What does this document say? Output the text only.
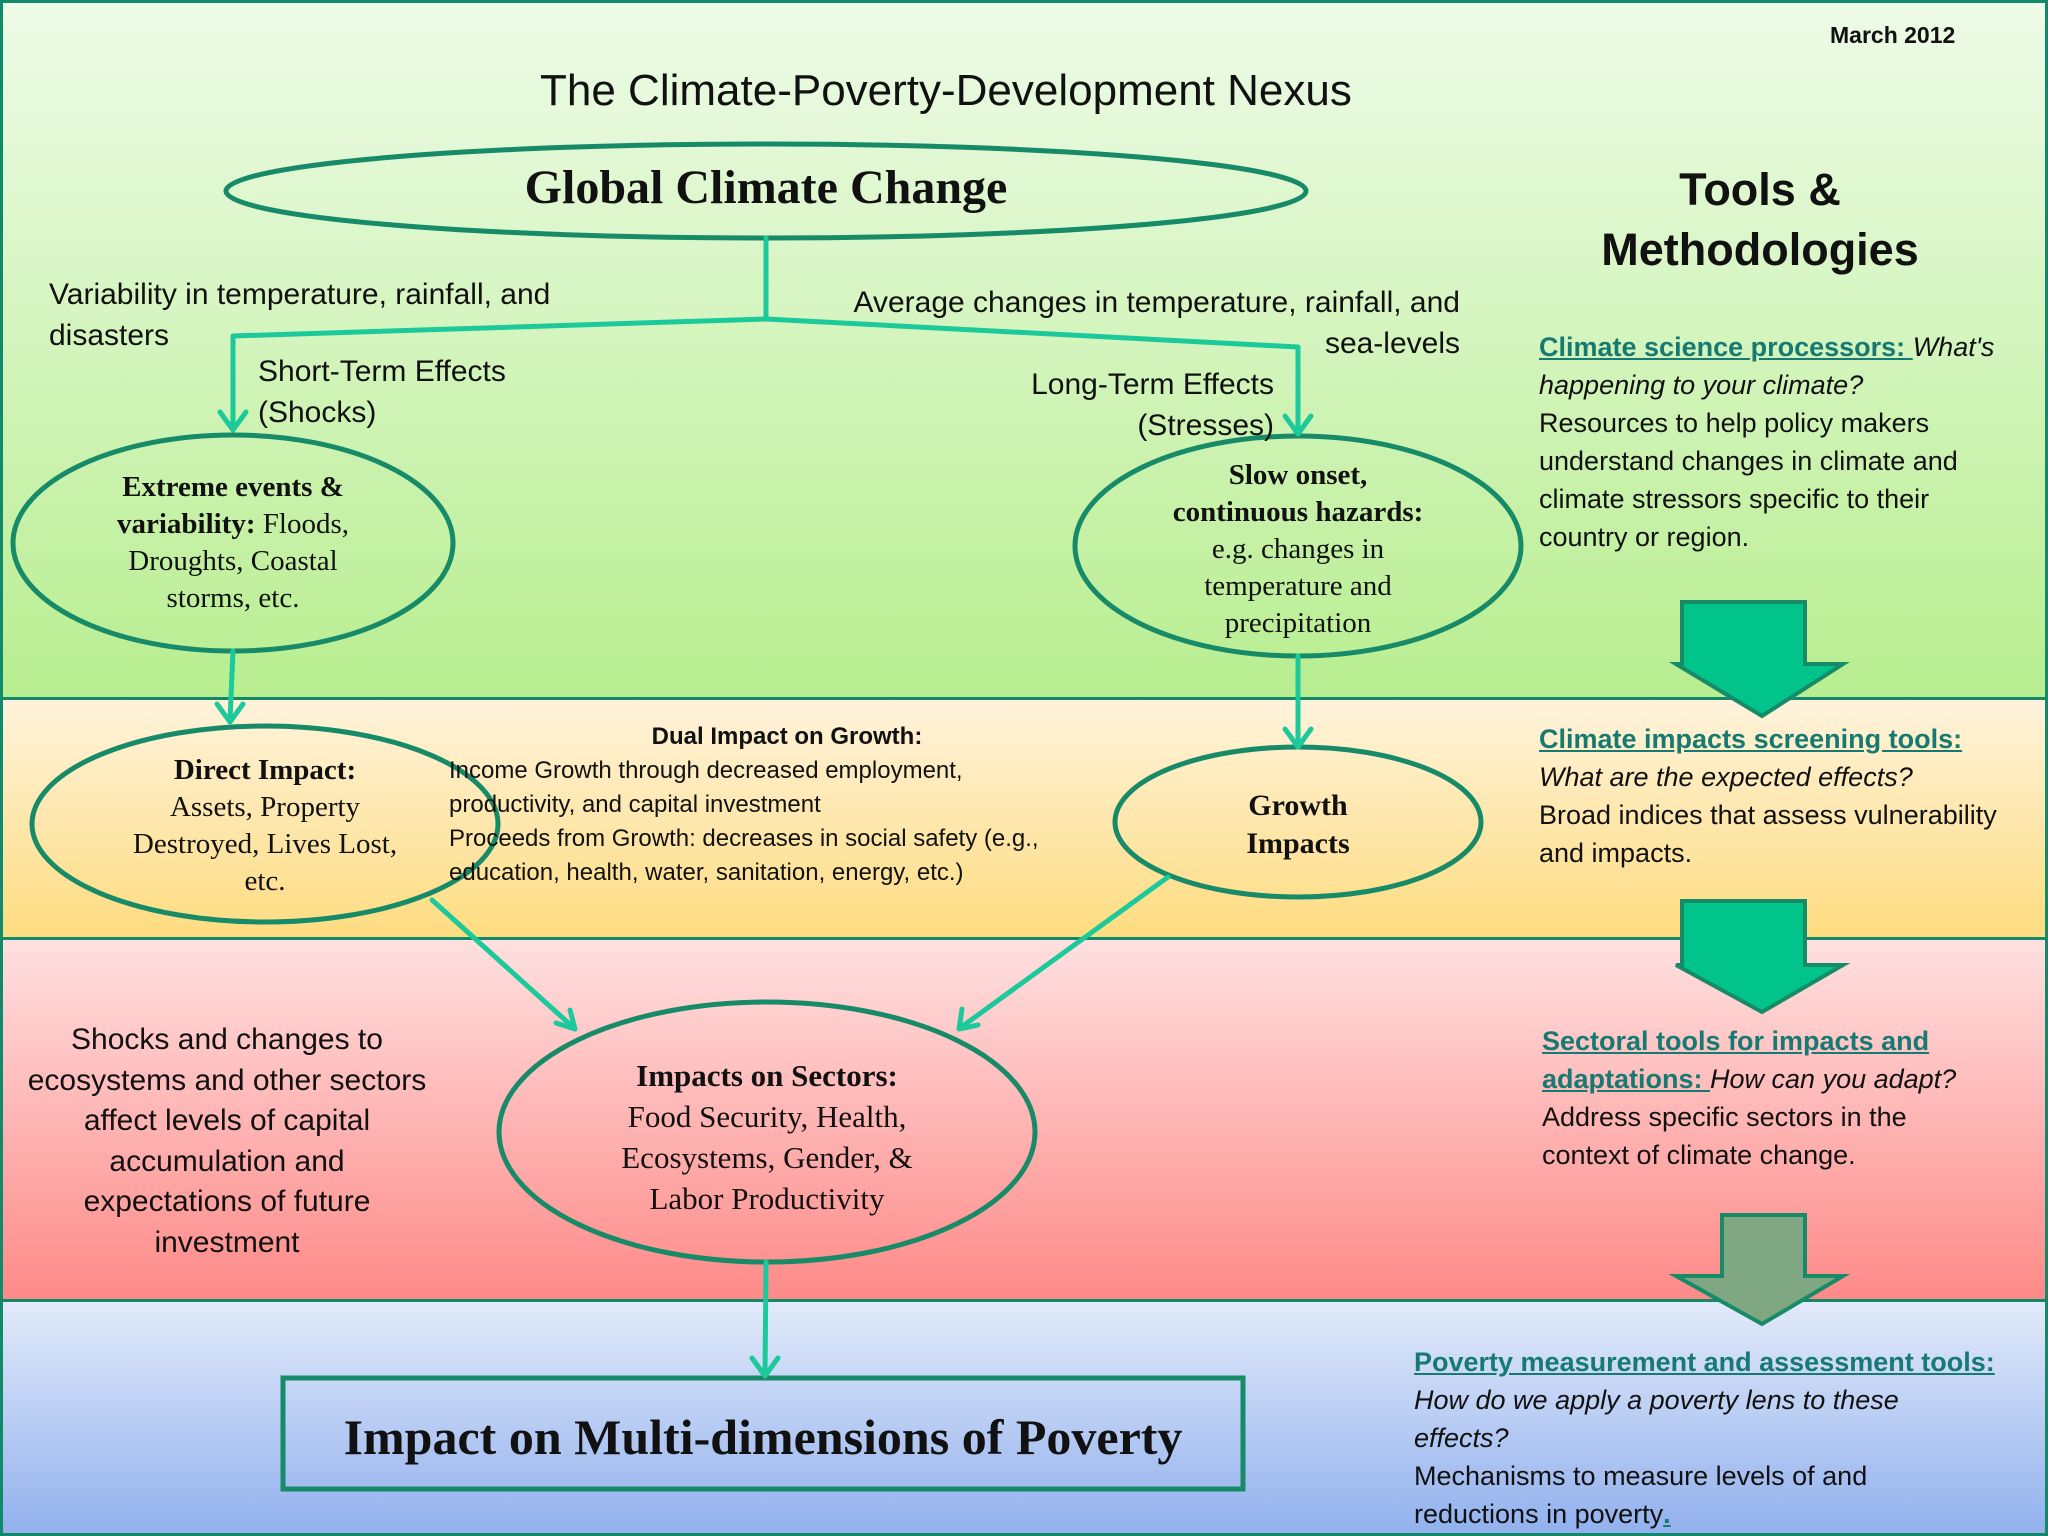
March 2012

The Climate-Poverty-Development Nexus

Global Climate Change	Tools &
Methodologies
Variability in temperature, rainfall, and
disasters
Short-Term Effects
(Shocks)
Average changes in temperature, rainfall, and
sea-levels
Long-Term Effects
(Stresses)
Extreme events &
variability: Floods,
Droughts, Coastal
storms, etc.
Slow onset,
continuous hazards:
e.g. changes in
temperature and
precipitation
Direct Impact:
Assets, Property
Destroyed, Lives Lost,
etc.
Dual Impact on Growth:
Income Growth through decreased employment,
productivity, and capital investment
Proceeds from Growth: decreases in social safety (e.g.,
education, health, water, sanitation, energy, etc.)
Growth
Impacts
Shocks and changes to
ecosystems and other sectors
affect levels of capital
accumulation and
expectations of future
investment
Impacts on Sectors:
Food Security, Health,
Ecosystems, Gender, &
Labor Productivity

Impact on Multi-dimensions of Poverty

Climate science processors: What's
happening to your climate?
Resources to help policy makers
understand changes in climate and
climate stressors specific to their
country or region.
Climate impacts screening tools:
What are the expected effects?
Broad indices that assess vulnerability
and impacts.
Sectoral tools for impacts and
adaptations: How can you adapt?
Address specific sectors in the
context of climate change.
Poverty measurement and assessment tools:
How do we apply a poverty lens to these
effects?
Mechanisms to measure levels of and
reductions in poverty.
